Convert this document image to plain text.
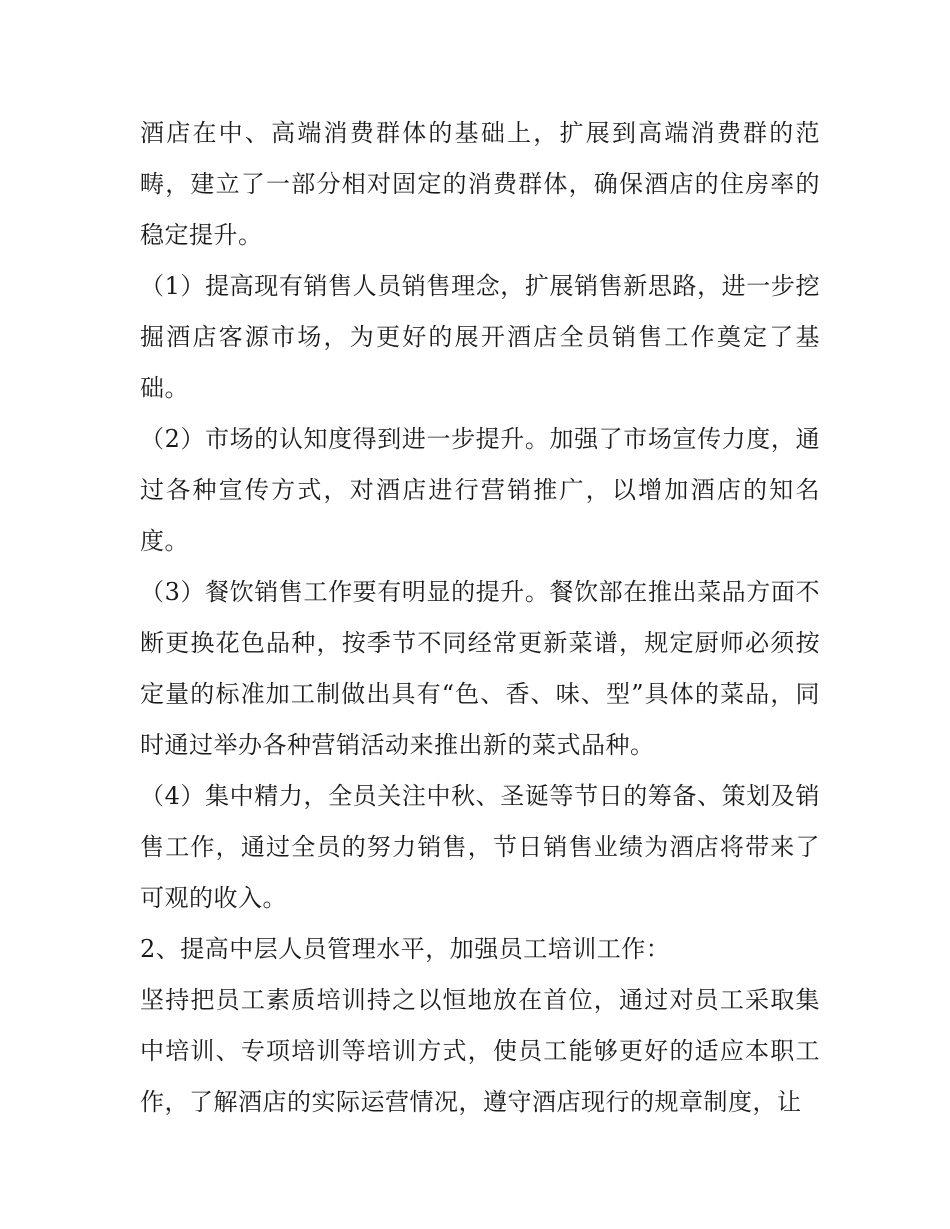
酒店在中、高端消费群体的基础上，扩展到高端消费群的范畴，建立了一部分相对固定的消费群体，确保酒店的住房率的稳定提升。

（1）提高现有销售人员销售理念，扩展销售新思路，进一步挖掘酒店客源市场，为更好的展开酒店全员销售工作奠定了基础。

（2）市场的认知度得到进一步提升。加强了市场宣传力度，通过各种宣传方式，对酒店进行营销推广，以增加酒店的知名度。

（3）餐饮销售工作要有明显的提升。餐饮部在推出菜品方面不断更换花色品种，按季节不同经常更新菜谱，规定厨师必须按定量的标准加工制做出具有“色、香、味、型”具体的菜品，同时通过举办各种营销活动来推出新的菜式品种。

（4）集中精力，全员关注中秋、圣诞等节日的筹备、策划及销售工作，通过全员的努力销售，节日销售业绩为酒店将带来了可观的收入。

2、提高中层人员管理水平，加强员工培训工作：

坚持把员工素质培训持之以恒地放在首位，通过对员工采取集中培训、专项培训等培训方式，使员工能够更好的适应本职工作，了解酒店的实际运营情况，遵守酒店现行的规章制度，让
